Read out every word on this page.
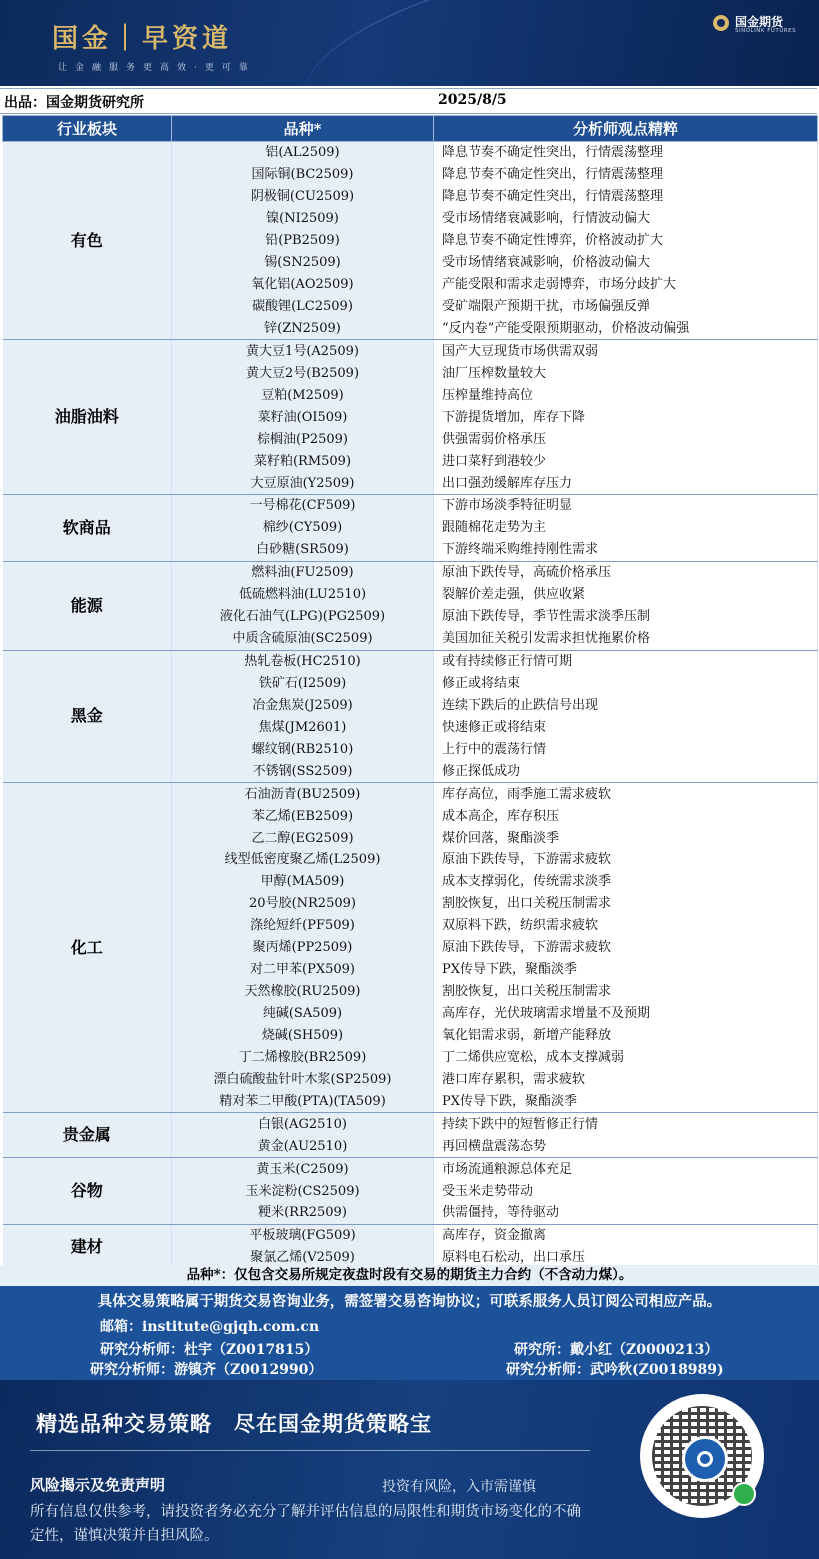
国金｜早资道
让金融服务更高效·更可靠
国金期货
SINOLINK FUTURES
出品：国金期货研究所	2025/8/5
行业板块	品种*	分析师观点精粹
有色	铝(AL2509)	降息节奏不确定性突出，行情震荡整理
	国际铜(BC2509)	降息节奏不确定性突出，行情震荡整理
	阴极铜(CU2509)	降息节奏不确定性突出，行情震荡整理
	镍(NI2509)	受市场情绪衰减影响，行情波动偏大
	铅(PB2509)	降息节奏不确定性博弈，价格波动扩大
	锡(SN2509)	受市场情绪衰减影响，价格波动偏大
	氧化铝(AO2509)	产能受限和需求走弱博弈，市场分歧扩大
	碳酸锂(LC2509)	受矿端限产预期干扰，市场偏强反弹
	锌(ZN2509)	“反内卷”产能受限预期驱动，价格波动偏强
油脂油料	黄大豆1号(A2509)	国产大豆现货市场供需双弱
	黄大豆2号(B2509)	油厂压榨数量较大
	豆粕(M2509)	压榨量维持高位
	菜籽油(OI509)	下游提货增加，库存下降
	棕榈油(P2509)	供强需弱价格承压
	菜籽粕(RM509)	进口菜籽到港较少
	大豆原油(Y2509)	出口强劲缓解库存压力
软商品	一号棉花(CF509)	下游市场淡季特征明显
	棉纱(CY509)	跟随棉花走势为主
	白砂糖(SR509)	下游终端采购维持刚性需求
能源	燃料油(FU2509)	原油下跌传导，高硫价格承压
	低硫燃料油(LU2510)	裂解价差走强，供应收紧
	液化石油气(LPG)(PG2509)	原油下跌传导，季节性需求淡季压制
	中质含硫原油(SC2509)	美国加征关税引发需求担忧拖累价格
黑金	热轧卷板(HC2510)	或有持续修正行情可期
	铁矿石(I2509)	修正或将结束
	冶金焦炭(J2509)	连续下跌后的止跌信号出现
	焦煤(JM2601)	快速修正或将结束
	螺纹钢(RB2510)	上行中的震荡行情
	不锈钢(SS2509)	修正探低成功
化工	石油沥青(BU2509)	库存高位，雨季施工需求疲软
	苯乙烯(EB2509)	成本高企，库存积压
	乙二醇(EG2509)	煤价回落，聚酯淡季
	线型低密度聚乙烯(L2509)	原油下跌传导，下游需求疲软
	甲醇(MA509)	成本支撑弱化，传统需求淡季
	20号胶(NR2509)	割胶恢复，出口关税压制需求
	涤纶短纤(PF509)	双原料下跌，纺织需求疲软
	聚丙烯(PP2509)	原油下跌传导，下游需求疲软
	对二甲苯(PX509)	PX传导下跌，聚酯淡季
	天然橡胶(RU2509)	割胶恢复，出口关税压制需求
	纯碱(SA509)	高库存，光伏玻璃需求增量不及预期
	烧碱(SH509)	氧化铝需求弱，新增产能释放
	丁二烯橡胶(BR2509)	丁二烯供应宽松，成本支撑减弱
	漂白硫酸盐针叶木浆(SP2509)	港口库存累积，需求疲软
	精对苯二甲酸(PTA)(TA509)	PX传导下跌，聚酯淡季
贵金属	白银(AG2510)	持续下跌中的短暂修正行情
	黄金(AU2510)	再回横盘震荡态势
谷物	黄玉米(C2509)	市场流通粮源总体充足
	玉米淀粉(CS2509)	受玉米走势带动
	粳米(RR2509)	供需僵持，等待驱动
建材	平板玻璃(FG509)	高库存，资金撤离
	聚氯乙烯(V2509)	原料电石松动，出口承压
品种*：仅包含交易所规定夜盘时段有交易的期货主力合约（不含动力煤）。
具体交易策略属于期货交易咨询业务，需签署交易咨询协议；可联系服务人员订阅公司相应产品。
邮箱：institute@gjqh.com.cn
研究分析师：杜宇（Z0017815）	研究所：戴小红（Z0000213）
研究分析师：游镇齐（Z0012990）	研究分析师：武吟秋(Z0018989)
精选品种交易策略　尽在国金期货策略宝
风险揭示及免责声明	投资有风险，入市需谨慎
所有信息仅供参考，请投资者务必充分了解并评估信息的局限性和期货市场变化的不确定性，谨慎决策并自担风险。
